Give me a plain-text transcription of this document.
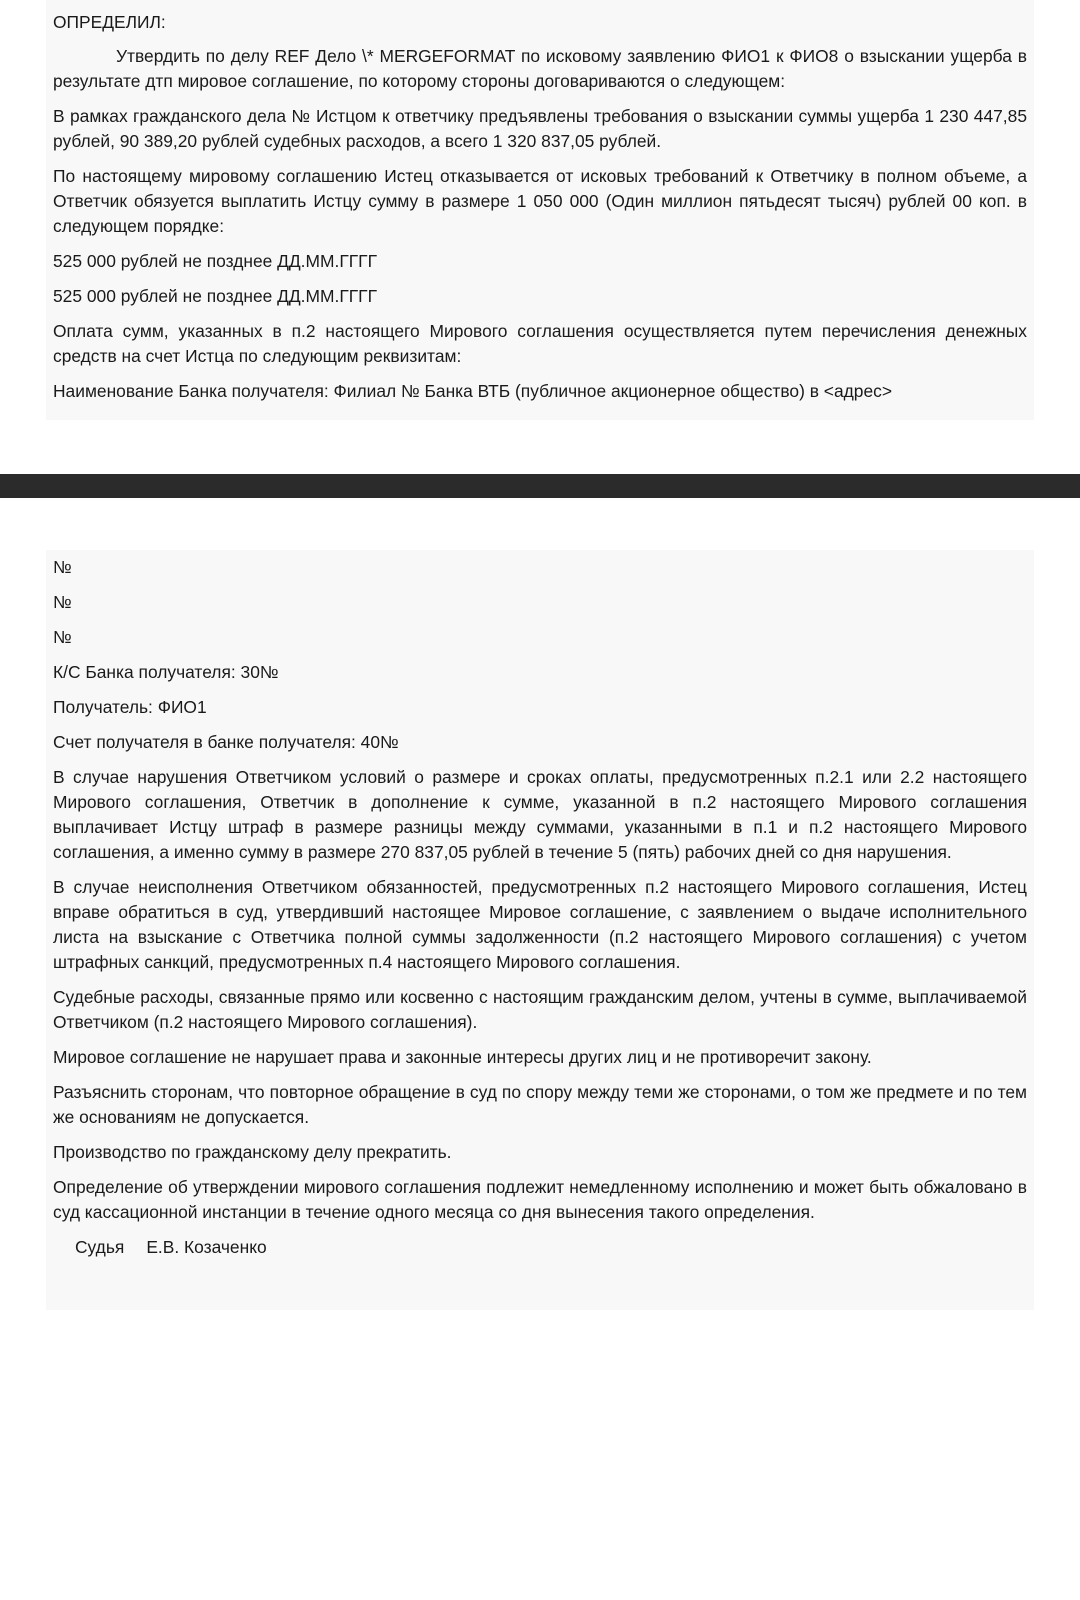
ОПРЕДЕЛИЛ:

Утвердить по делу REF Дело \* MERGEFORMAT по исковому заявлению ФИО1 к ФИО8 о взыскании ущерба в результате дтп мировое соглашение, по которому стороны договариваются о следующем:

В рамках гражданского дела № Истцом к ответчику предъявлены требования о взыскании суммы ущерба 1 230 447,85 рублей, 90 389,20 рублей судебных расходов, а всего 1 320 837,05 рублей.

По настоящему мировому соглашению Истец отказывается от исковых требований к Ответчику в полном объеме, а Ответчик обязуется выплатить Истцу сумму в размере 1 050 000 (Один миллион пятьдесят тысяч) рублей 00 коп. в следующем порядке:

525 000 рублей не позднее ДД.ММ.ГГГГ

525 000 рублей не позднее ДД.ММ.ГГГГ

Оплата сумм, указанных в п.2 настоящего Мирового соглашения осуществляется путем перечисления денежных средств на счет Истца по следующим реквизитам:

Наименование Банка получателя: Филиал № Банка ВТБ (публичное акционерное общество) в <адрес>

№

№

№

К/С Банка получателя: 30№

Получатель: ФИО1

Счет получателя в банке получателя: 40№

В случае нарушения Ответчиком условий о размере и сроках оплаты, предусмотренных п.2.1 или 2.2 настоящего Мирового соглашения, Ответчик в дополнение к сумме, указанной в п.2 настоящего Мирового соглашения выплачивает Истцу штраф в размере разницы между суммами, указанными в п.1 и п.2 настоящего Мирового соглашения, а именно сумму в размере 270 837,05 рублей в течение 5 (пять) рабочих дней со дня нарушения.

В случае неисполнения Ответчиком обязанностей, предусмотренных п.2 настоящего Мирового соглашения, Истец вправе обратиться в суд, утвердивший настоящее Мировое соглашение, с заявлением о выдаче исполнительного листа на взыскание с Ответчика полной суммы задолженности (п.2 настоящего Мирового соглашения) с учетом штрафных санкций, предусмотренных п.4 настоящего Мирового соглашения.

Судебные расходы, связанные прямо или косвенно с настоящим гражданским делом, учтены в сумме, выплачиваемой Ответчиком (п.2 настоящего Мирового соглашения).

Мировое соглашение не нарушает права и законные интересы других лиц и не противоречит закону.

Разъяснить сторонам, что повторное обращение в суд по спору между теми же сторонами, о том же предмете и по тем же основаниям не допускается.

Производство по гражданскому делу прекратить.

Определение об утверждении мирового соглашения подлежит немедленному исполнению и может быть обжаловано в суд кассационной инстанции в течение одного месяца со дня вынесения такого определения.

Судья Е.В. Козаченко
